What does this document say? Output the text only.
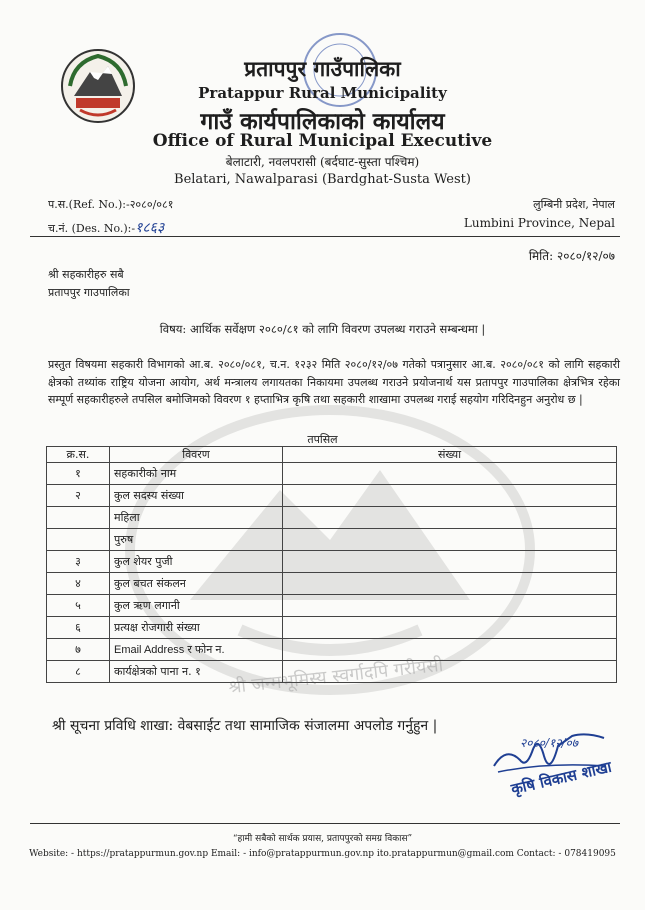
श्री जन्मभूमिस्य स्वर्गादपि गरीयसी
प्रतापपुर गाउँपालिका
Pratappur Rural Municipality
गाउँ कार्यपालिकाको कार्यालय
Office of Rural Municipal Executive
बेलाटारी, नवलपरासी (बर्दघाट-सुस्ता पश्चिम)
Belatari, Nawalparasi (Bardghat-Susta West)
प.स.(Ref. No.):-२०८०/०८१
च.नं. (Des. No.):-१८६३
लुम्बिनी प्रदेश, नेपाल
Lumbini Province, Nepal
मिति: २०८०/१२/०७
श्री सहकारीहरु सबै
प्रतापपुर गाउपालिका
विषय: आर्थिक सर्वेक्षण २०८०/८१ को लागि विवरण उपलब्ध गराउने सम्बन्धमा |
प्रस्तुत विषयमा सहकारी विभागको आ.ब. २०८०/०८१, च.न. १२३२ मिति २०८०/१२/०७ गतेको पत्रानुसार आ.ब. २०८०/०८१ को लागि सहकारी क्षेत्रको तथ्यांक राष्ट्रिय योजना आयोग, अर्थ मन्त्रालय लगायतका निकायमा उपलब्ध गराउने प्रयोजनार्थ यस प्रतापपुर गाउपालिका क्षेत्रभित्र रहेका सम्पूर्ण सहकारीहरुले तपसिल बमोजिमको विवरण १ हप्ताभित्र कृषि तथा सहकारी शाखामा उपलब्ध गराई सहयोग गरिदिनहुन अनुरोध छ |
तपसिल
क्र.स.	विवरण	संख्या
१	सहकारीको नाम	
२	कुल सदस्य संख्या	
	महिला	
	पुरुष	
३	कुल शेयर पुजी	
४	कुल बचत संकलन	
५	कुल ऋण लगानी	
६	प्रत्यक्ष रोजगारी संख्या	
७	Email Address र फोन न.	
८	कार्यक्षेत्रको पाना न. १	
श्री सूचना प्रविधि शाखा: वेबसाईट तथा सामाजिक संजालमा अपलोड गर्नुहुन |
२०८०/१२/०७
कृषि विकास शाखा
“हामी सबैको सार्थक प्रयास, प्रतापपुरको समग्र विकास”
Website: - https://pratappurmun.gov.np Email: - info@pratappurmun.gov.np ito.pratappurmun@gmail.com Contact: - 078419095
